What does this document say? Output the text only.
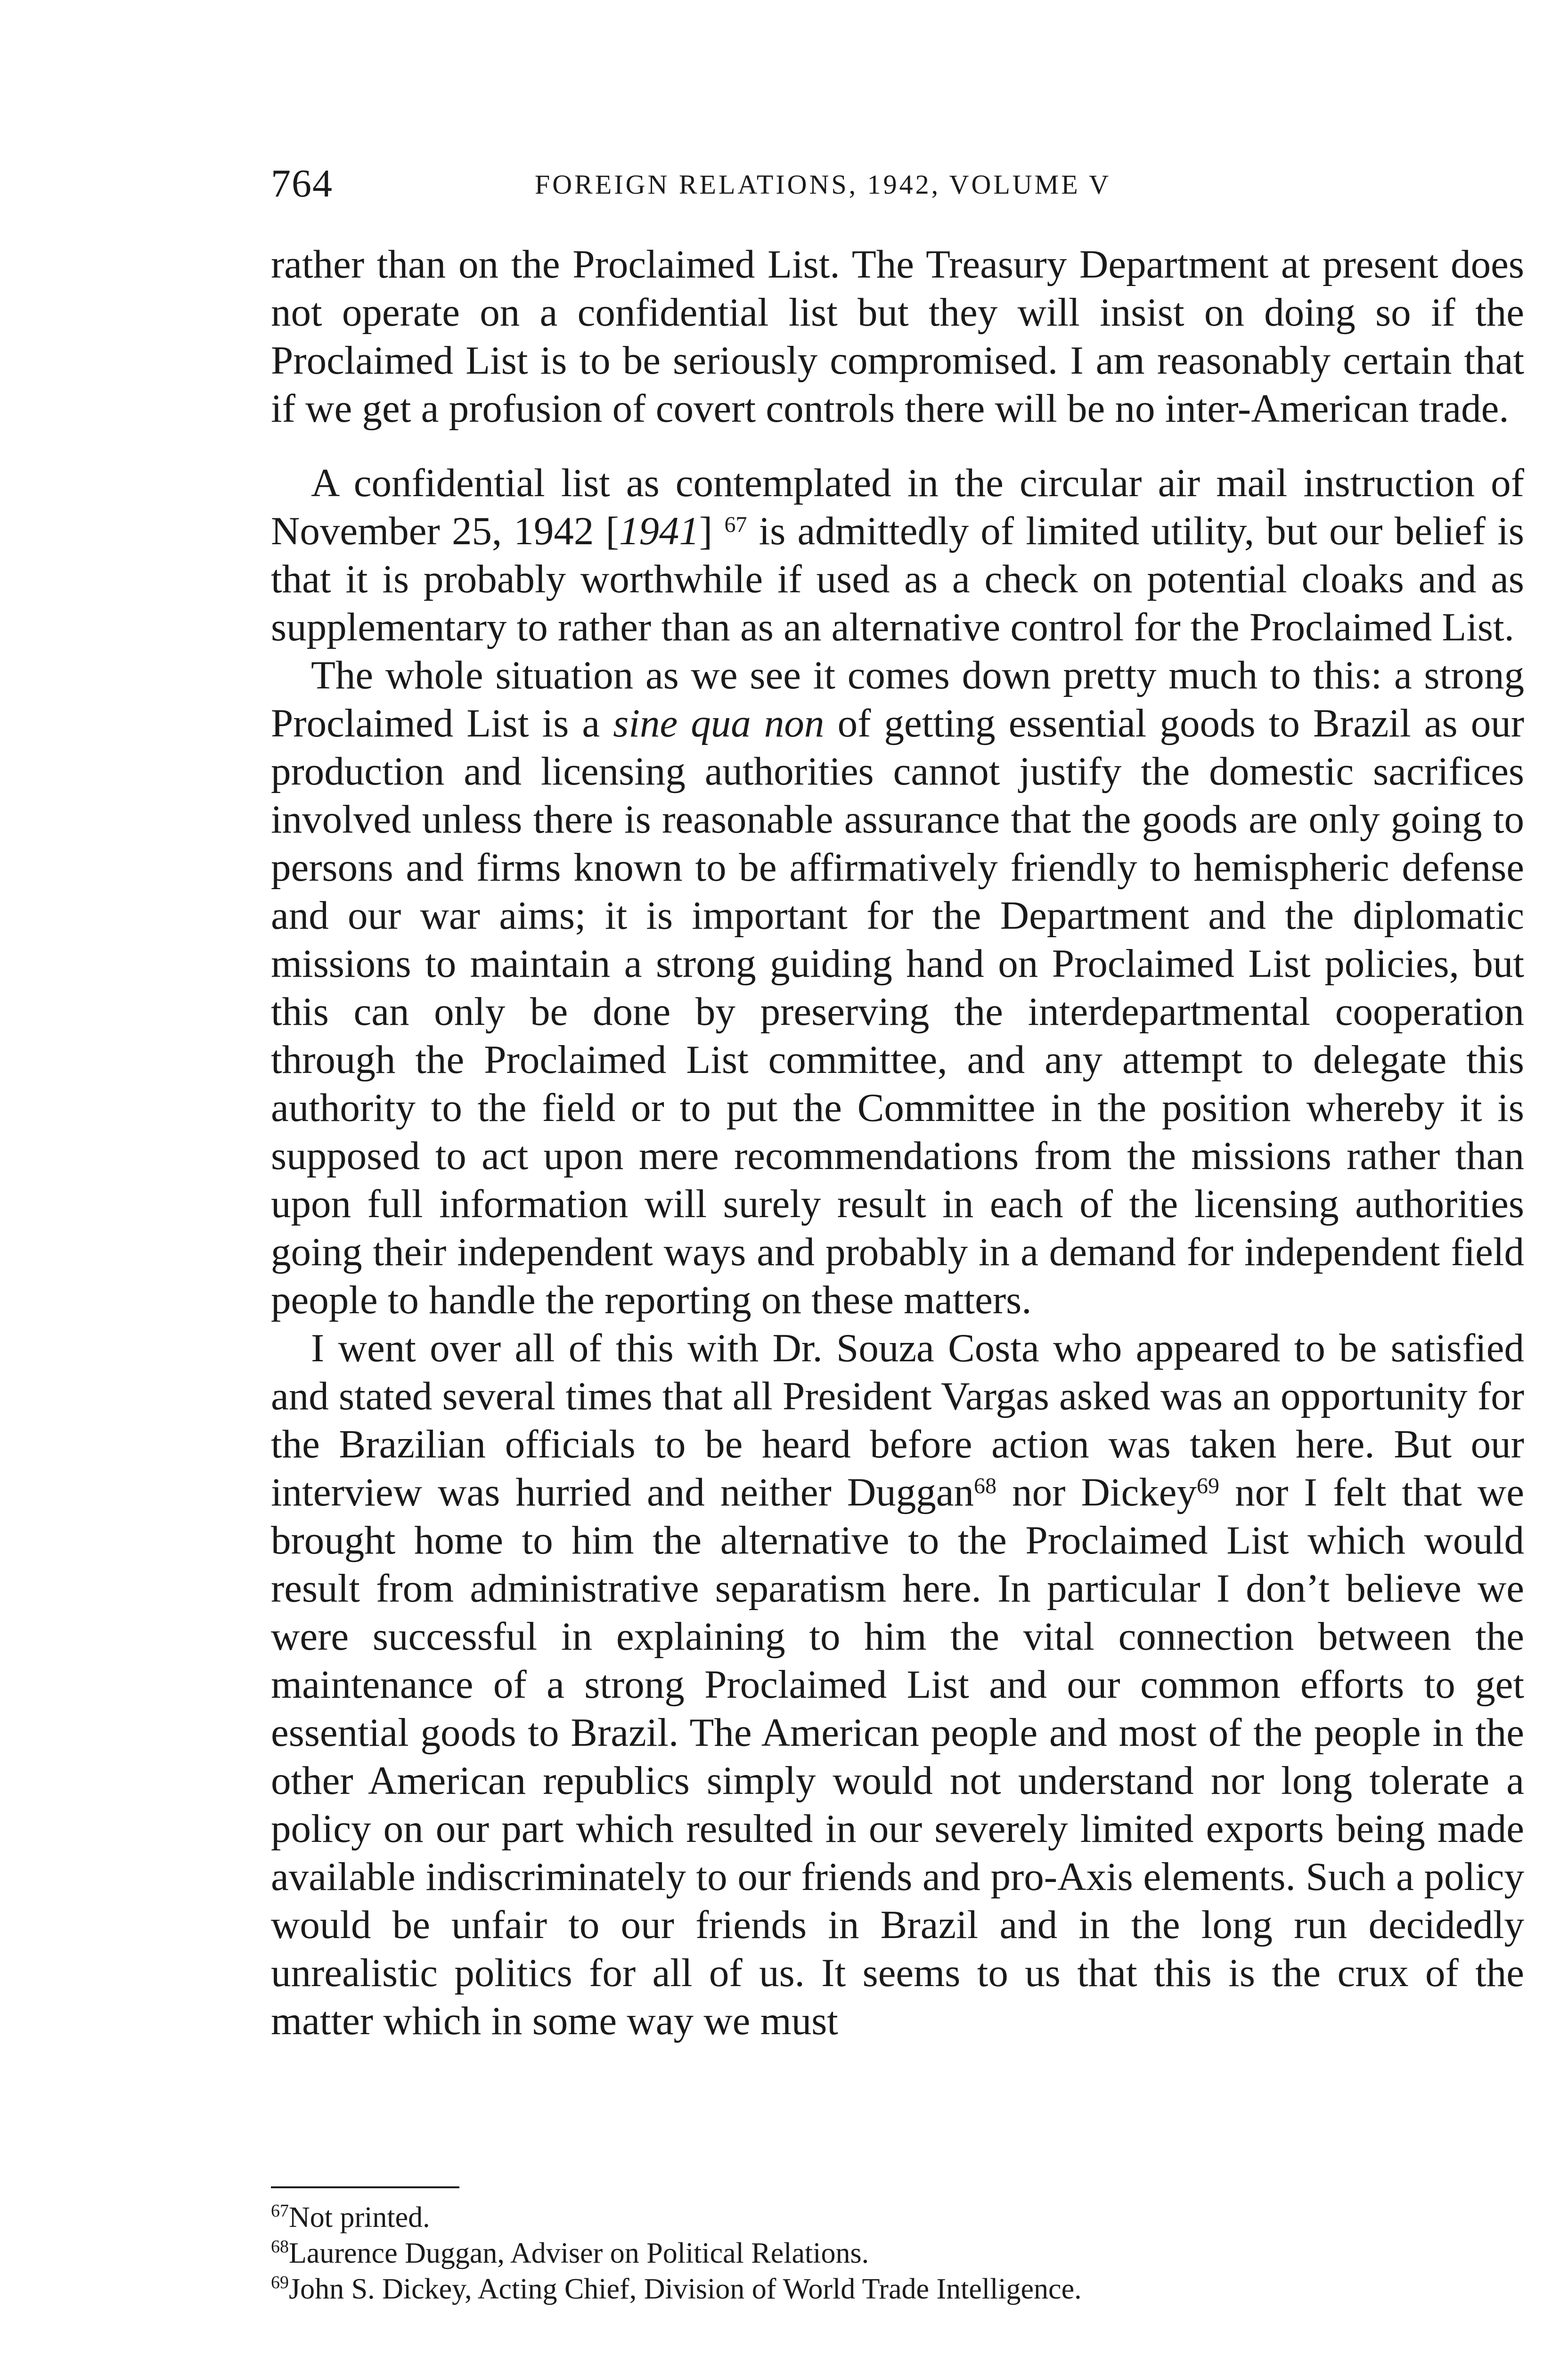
764	FOREIGN RELATIONS, 1942, VOLUME V

rather than on the Proclaimed List. The Treasury Department at present does not operate on a confidential list but they will insist on doing so if the Proclaimed List is to be seriously compromised. I am reasonably certain that if we get a profusion of covert controls there will be no inter-American trade.

A confidential list as contemplated in the circular air mail instruction of November 25, 1942 [1941] $^{67}$ is admittedly of limited utility, but our belief is that it is probably worthwhile if used as a check on potential cloaks and as supplementary to rather than as an alternative control for the Proclaimed List.

The whole situation as we see it comes down pretty much to this: a strong Proclaimed List is a sine qua non of getting essential goods to Brazil as our production and licensing authorities cannot justify the domestic sacrifices involved unless there is reasonable assurance that the goods are only going to persons and firms known to be affirmatively friendly to hemispheric defense and our war aims; it is important for the Department and the diplomatic missions to maintain a strong guiding hand on Proclaimed List policies, but this can only be done by preserving the interdepartmental cooperation through the Proclaimed List committee, and any attempt to delegate this authority to the field or to put the Committee in the position whereby it is supposed to act upon mere recommendations from the missions rather than upon full information will surely result in each of the licensing authorities going their independent ways and probably in a demand for independent field people to handle the reporting on these matters.

I went over all of this with Dr. Souza Costa who appeared to be satisfied and stated several times that all President Vargas asked was an opportunity for the Brazilian officials to be heard before action was taken here. But our interview was hurried and neither Duggan$^{68}$ nor Dickey$^{69}$ nor I felt that we brought home to him the alternative to the Proclaimed List which would result from administrative separatism here. In particular I don’t believe we were successful in explaining to him the vital connection between the maintenance of a strong Proclaimed List and our common efforts to get essential goods to Brazil. The American people and most of the people in the other American republics simply would not understand nor long tolerate a policy on our part which resulted in our severely limited exports being made available indiscriminately to our friends and pro-Axis elements. Such a policy would be unfair to our friends in Brazil and in the long run decidedly unrealistic politics for all of us. It seems to us that this is the crux of the matter which in some way we must

$^{67}$Not printed.

$^{68}$Laurence Duggan, Adviser on Political Relations.

$^{69}$John S. Dickey, Acting Chief, Division of World Trade Intelligence.
